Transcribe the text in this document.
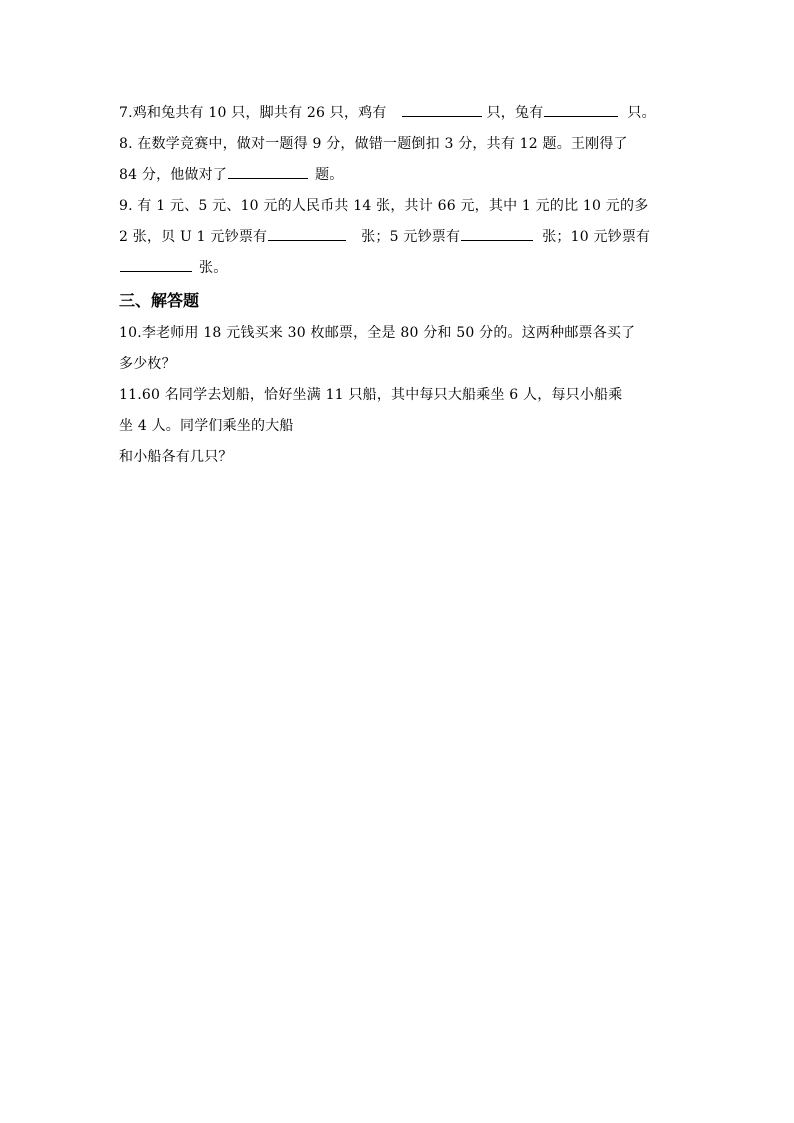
7.鸡和兔共有 10 只，脚共有 26 只，鸡有	只，兔有	只。
8. 在数学竞赛中，做对一题得 9 分，做错一题倒扣 3 分，共有 12 题。王刚得了
84 分，他做对了	题。
9. 有 1 元、5 元、10 元的人民币共 14 张，共计 66 元，其中 1 元的比 10 元的多
2 张，贝 U 1 元钞票有	张；5 元钞票有	张；10 元钞票有
张。
三、解答题
10.李老师用 18 元钱买来 30 枚邮票，全是 80 分和 50 分的。这两种邮票各买了
多少枚？
11.60 名同学去划船，恰好坐满 11 只船，其中每只大船乘坐 6 人，每只小船乘
坐 4 人。同学们乘坐的大船
和小船各有几只？
